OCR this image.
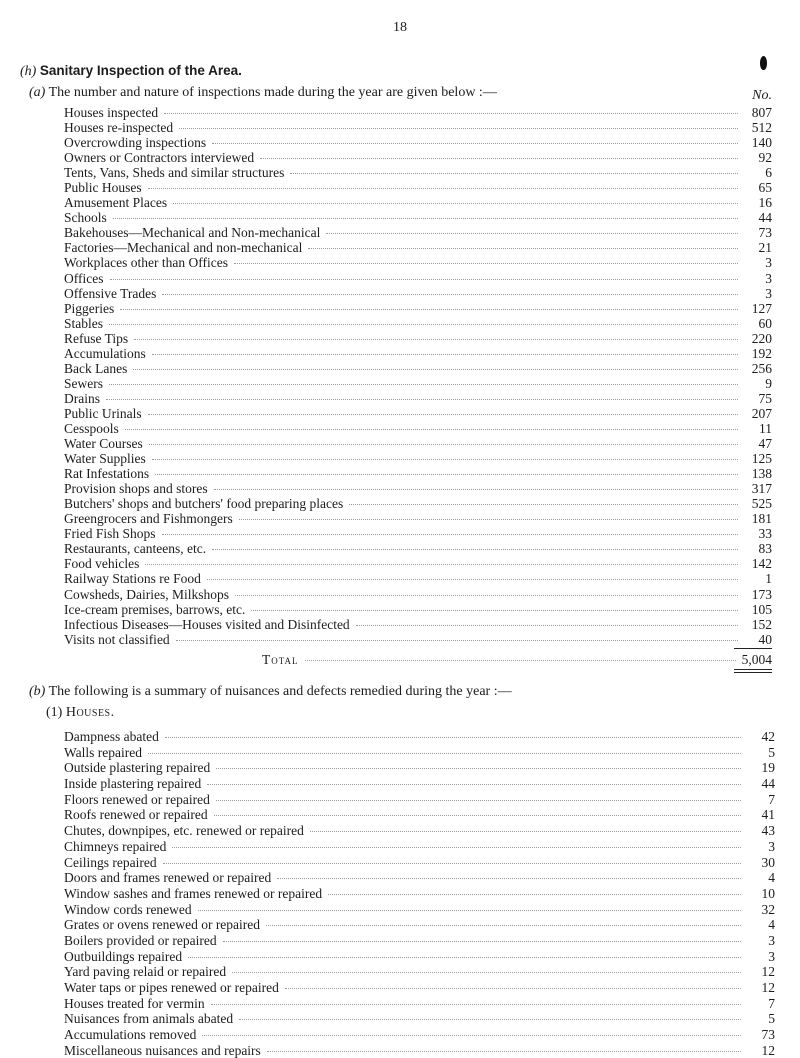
18
(h) Sanitary Inspection of the Area.
(a) The number and nature of inspections made during the year are given below :—	No.
Houses inspected	807
Houses re-inspected	512
Overcrowding inspections	140
Owners or Contractors interviewed	92
Tents, Vans, Sheds and similar structures	6
Public Houses	65
Amusement Places	16
Schools	44
Bakehouses—Mechanical and Non-mechanical	73
Factories—Mechanical and non-mechanical	21
Workplaces other than Offices	3
Offices	3
Offensive Trades	3
Piggeries	127
Stables	60
Refuse Tips	220
Accumulations	192
Back Lanes	256
Sewers	9
Drains	75
Public Urinals	207
Cesspools	11
Water Courses	47
Water Supplies	125
Rat Infestations	138
Provision shops and stores	317
Butchers' shops and butchers' food preparing places	525
Greengrocers and Fishmongers	181
Fried Fish Shops	33
Restaurants, canteens, etc.	83
Food vehicles	142
Railway Stations re Food	1
Cowsheds, Dairies, Milkshops	173
Ice-cream premises, barrows, etc.	105
Infectious Diseases—Houses visited and Disinfected	152
Visits not classified	40
Total	5,004
(b) The following is a summary of nuisances and defects remedied during the year :—
(1) Houses.
Dampness abated	42
Walls repaired	5
Outside plastering repaired	19
Inside plastering repaired	44
Floors renewed or repaired	7
Roofs renewed or repaired	41
Chutes, downpipes, etc. renewed or repaired	43
Chimneys repaired	3
Ceilings repaired	30
Doors and frames renewed or repaired	4
Window sashes and frames renewed or repaired	10
Window cords renewed	32
Grates or ovens renewed or repaired	4
Boilers provided or repaired	3
Outbuildings repaired	3
Yard paving relaid or repaired	12
Water taps or pipes renewed or repaired	12
Houses treated for vermin	7
Nuisances from animals abated	5
Accumulations removed	73
Miscellaneous nuisances and repairs	12
